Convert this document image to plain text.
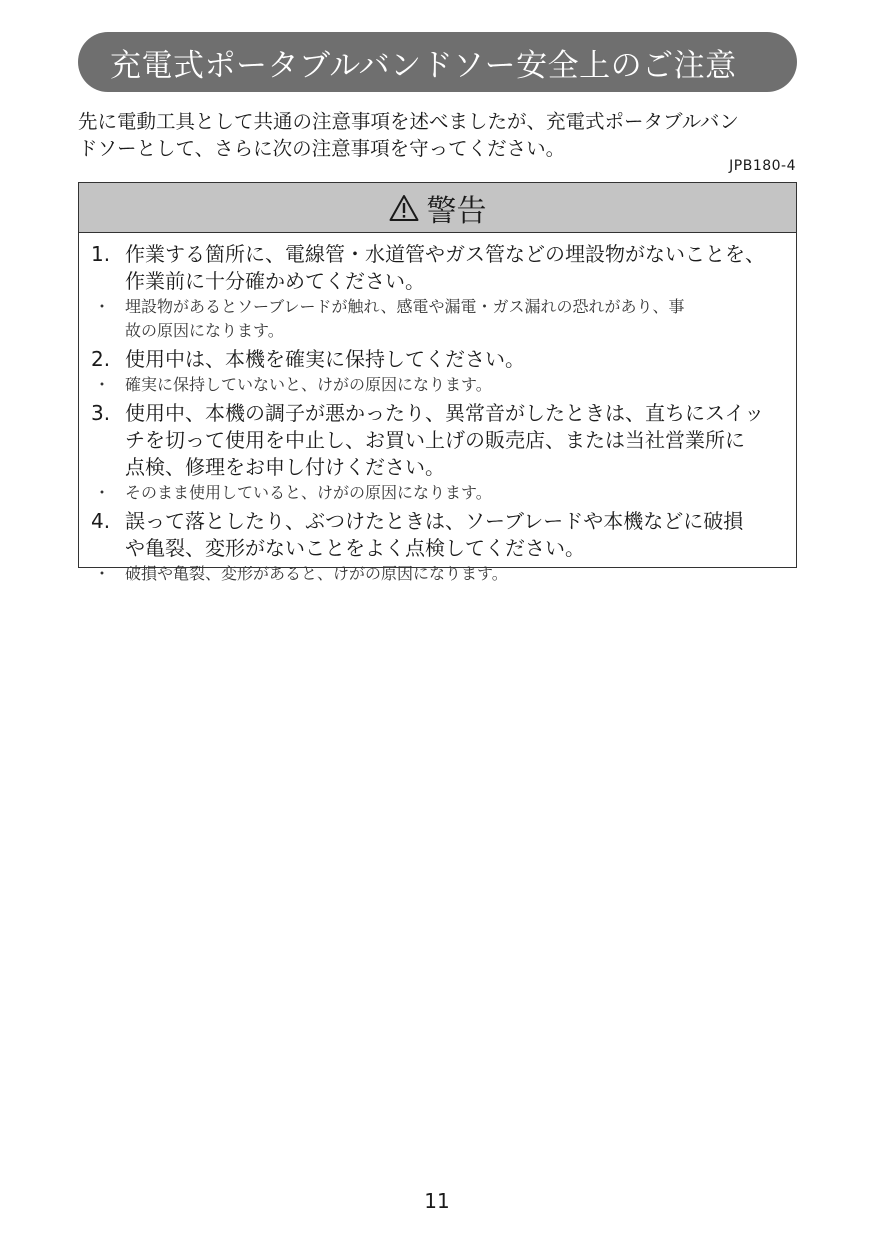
充電式ポータブルバンドソー安全上のご注意
先に電動工具として共通の注意事項を述べましたが、充電式ポータブルバン
ドソーとして、さらに次の注意事項を守ってください。
JPB180-4
警告
1. 作業する箇所に、電線管・水道管やガス管などの埋設物がないことを、
作業前に十分確かめてください。
・ 埋設物があるとソーブレードが触れ、感電や漏電・ガス漏れの恐れがあり、事
故の原因になります。
2. 使用中は、本機を確実に保持してください。
・ 確実に保持していないと、けがの原因になります。
3. 使用中、本機の調子が悪かったり、異常音がしたときは、直ちにスイッ
チを切って使用を中止し、お買い上げの販売店、または当社営業所に
点検、修理をお申し付けください。
・ そのまま使用していると、けがの原因になります。
4. 誤って落としたり、ぶつけたときは、ソーブレードや本機などに破損
や亀裂、変形がないことをよく点検してください。
・ 破損や亀裂、変形があると、けがの原因になります。
11
